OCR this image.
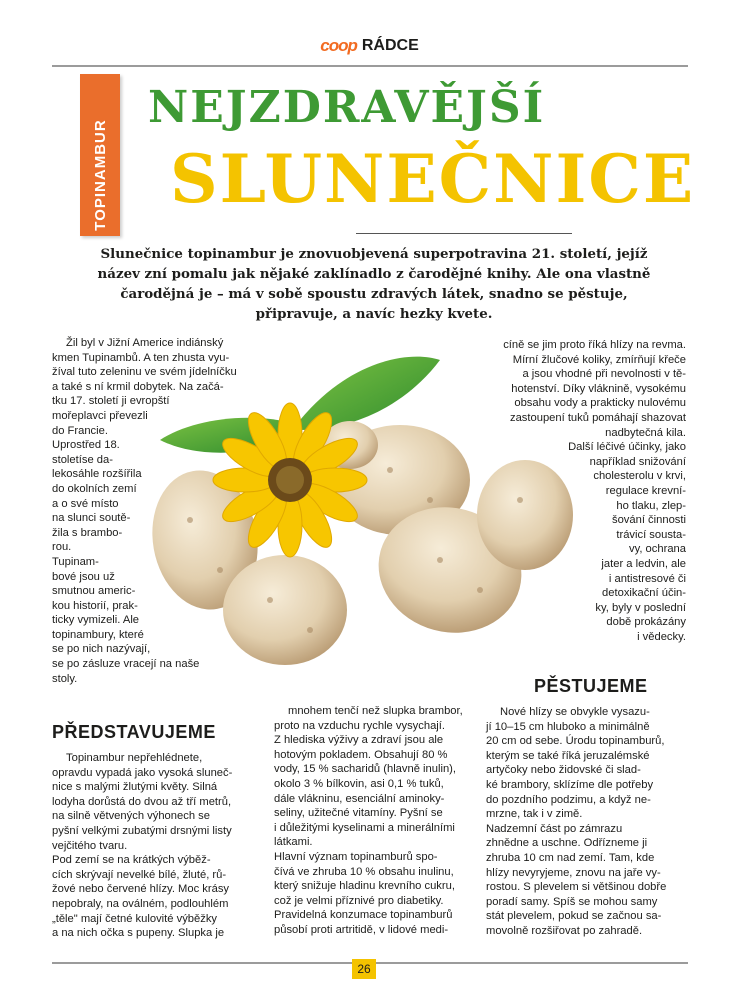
coop RÁDCE
TOPINAMBUR
NEJZDRAVĚJŠÍ
SLUNEČNICE
Slunečnice topinambur je znovuobjevená superpotravina 21. století, jejíž název zní pomalu jak nějaké zaklínadlo z čarodějné knihy. Ale ona vlastně čarodějná je – má v sobě spoustu zdravých látek, snadno se pěstuje, připravuje, a navíc hezky kvete.
Žil byl v Jižní Americe indiánský
kmen Tupinambů. A ten zhusta vyu-
žíval tuto zeleninu ve svém jídelníčku
a také s ní krmil dobytek. Na začá-
tku 17. století ji evropští
mořeplavci převezli
do Francie.
Uprostřed 18.
stoletíse da-
lekosáhle rozšířila
do okolních zemí
a o své místo
na slunci soutě-
žila s brambo-
rou.
Tupinam-
bové jsou už
smutnou americ-
kou historií, prak-
ticky vymizeli. Ale
topinambury, které
se po nich nazývají,
se po zásluze vracejí na naše
stoly.
PŘEDSTAVUJEME
Topinambur nepřehlédnete,
opravdu vypadá jako vysoká sluneč-
nice s malými žlutými květy. Silná
lodyha dorůstá do dvou až tří metrů,
na silně větvených výhonech se
pyšní velkými zubatými drsnými listy
vejčitého tvaru.
Pod zemí se na krátkých výběž-
cích skrývají nevelké bílé, žluté, rů-
žové nebo červené hlízy. Moc krásy
nepobraly, na oválném, podlouhlém
„těle" mají četné kulovité výběžky
a na nich očka s pupeny. Slupka je
mnohem tenčí než slupka brambor,
proto na vzduchu rychle vysychají.
Z hlediska výživy a zdraví jsou ale
hotovým pokladem. Obsahují 80 %
vody, 15 % sacharidů (hlavně inulin),
okolo 3 % bílkovin, asi 0,1 % tuků,
dále vlákninu, esenciální aminoky-
seliny, užitečné vitamíny. Pyšní se
i důležitými kyselinami a minerálními
látkami.
Hlavní význam topinamburů spo-
čívá ve zhruba 10 % obsahu inulinu,
který snižuje hladinu krevního cukru,
což je velmi příznivé pro diabetiky.
Pravidelná konzumace topinamburů
působí proti artritidě, v lidové medi-
cíně se jim proto říká hlízy na revma.
Mírní žlučové koliky, zmírňují křeče
a jsou vhodné při nevolnosti v tě-
hotenství. Díky vláknině, vysokému
obsahu vody a prakticky nulovému
zastoupení tuků pomáhají shazovat
nadbytečná kila.
Další léčivé účinky, jako
například snižování
cholesterolu v krvi,
regulace krevní-
ho tlaku, zlep-
šování činnosti
trávicí sousta-
vy, ochrana
jater a ledvin, ale
i antistresové či
detoxikační účin-
ky, byly v poslední
době prokázány
i vědecky.
PĚSTUJEME
Nové hlízy se obvykle vysazu-
jí 10–15 cm hluboko a minimálně
20 cm od sebe. Úrodu topinamburů,
kterým se také říká jeruzalémské
artyčoky nebo židovské či slad-
ké brambory, sklízíme dle potřeby
do pozdního podzimu, a když ne-
mrzne, tak i v zimě.
Nadzemní část po zámrazu
zhnědne a uschne. Odřízneme ji
zhruba 10 cm nad zemí. Tam, kde
hlízy nevyryjeme, znovu na jaře vy-
rostou. S plevelem si většinou dobře
poradí samy. Spíš se mohou samy
stát plevelem, pokud se začnou sa-
movolně rozšiřovat po zahradě.
26
